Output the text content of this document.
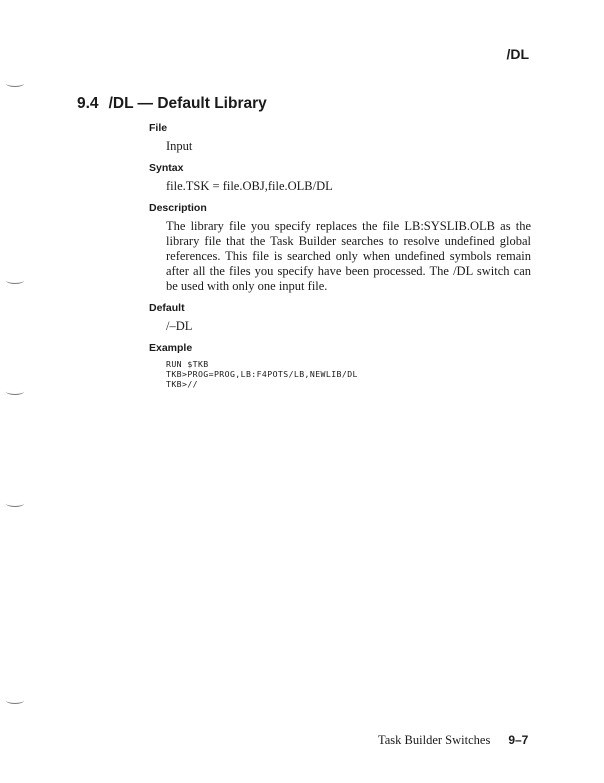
/DL
9.4 /DL — Default Library
File
Input
Syntax
file.TSK = file.OBJ,file.OLB/DL
Description
The library file you specify replaces the file LB:SYSLIB.OLB as the library file that the Task Builder searches to resolve undefined global references. This file is searched only when undefined symbols remain after all the files you specify have been processed. The /DL switch can be used with only one input file.
Default
/–DL
Example
RUN $TKB
TKB>PROG=PROG,LB:F4POTS/LB,NEWLIB/DL
TKB>//
Task Builder Switches 9–7
